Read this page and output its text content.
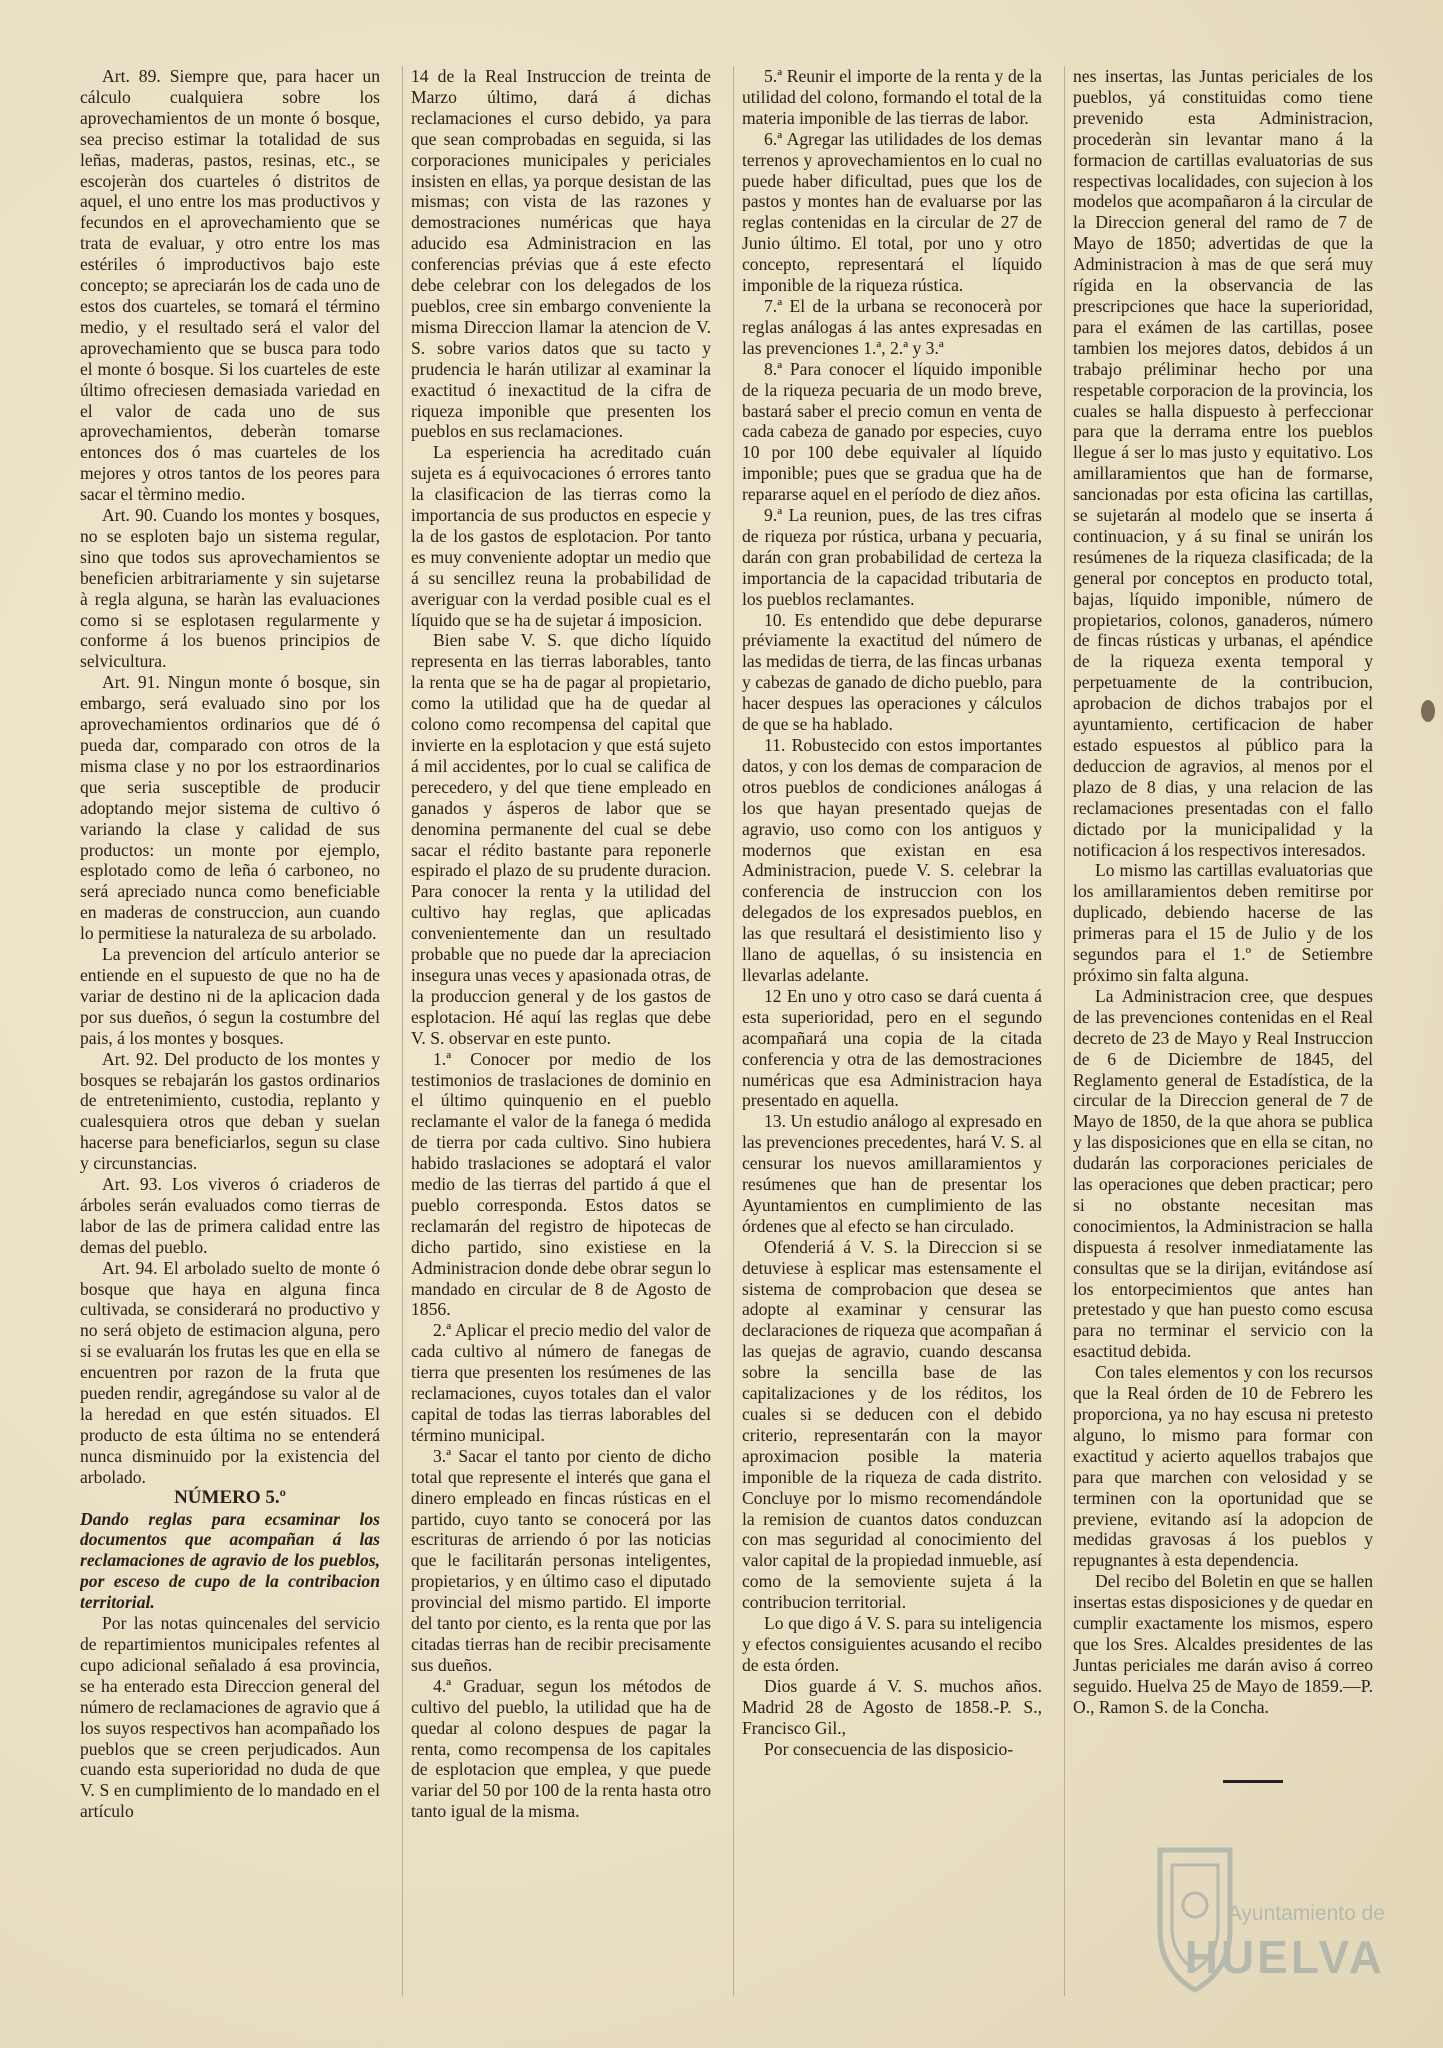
Art. 89. Siempre que, para hacer un cálculo cualquiera sobre los aprovechamientos de un monte ó bosque, sea preciso estimar la totalidad de sus leñas, maderas, pastos, resinas, etc., se escojeràn dos cuarteles ó distritos de aquel, el uno entre los mas productivos y fecundos en el aprovechamiento que se trata de evaluar, y otro entre los mas estériles ó improductivos bajo este concepto; se apreciarán los de cada uno de estos dos cuarteles, se tomará el término medio, y el resultado será el valor del aprovechamiento que se busca para todo el monte ó bosque. Si los cuarteles de este último ofreciesen demasiada variedad en el valor de cada uno de sus aprovechamientos, deberàn tomarse entonces dos ó mas cuarteles de los mejores y otros tantos de los peores para sacar el tèrmino medio.

Art. 90. Cuando los montes y bosques, no se esploten bajo un sistema regular, sino que todos sus aprovechamientos se beneficien arbitrariamente y sin sujetarse à regla alguna, se haràn las evaluaciones como si se esplotasen regularmente y conforme á los buenos principios de selvicultura.

Art. 91. Ningun monte ó bosque, sin embargo, será evaluado sino por los aprovechamientos ordinarios que dé ó pueda dar, comparado con otros de la misma clase y no por los estraordinarios que seria susceptible de producir adoptando mejor sistema de cultivo ó variando la clase y calidad de sus productos: un monte por ejemplo, esplotado como de leña ó carboneo, no será apreciado nunca como beneficiable en maderas de construccion, aun cuando lo permitiese la naturaleza de su arbolado.

La prevencion del artículo anterior se entiende en el supuesto de que no ha de variar de destino ni de la aplicacion dada por sus dueños, ó segun la costumbre del pais, á los montes y bosques.

Art. 92. Del producto de los montes y bosques se rebajarán los gastos ordinarios de entretenimiento, custodia, replanto y cualesquiera otros que deban y suelan hacerse para beneficiarlos, segun su clase y circunstancias.

Art. 93. Los viveros ó criaderos de árboles serán evaluados como tierras de labor de las de primera calidad entre las demas del pueblo.

Art. 94. El arbolado suelto de monte ó bosque que haya en alguna finca cultivada, se considerará no productivo y no será objeto de estimacion alguna, pero si se evaluarán los frutas les que en ella se encuentren por razon de la fruta que pueden rendir, agregándose su valor al de la heredad en que estén situados. El producto de esta última no se entenderá nunca disminuido por la existencia del arbolado.

NÚMERO 5.º

Dando reglas para ecsaminar los documentos que acompañan á las reclamaciones de agravio de los pueblos, por esceso de cupo de la contribacion territorial.

Por las notas quincenales del servicio de repartimientos municipales refentes al cupo adicional señalado á esa provincia, se ha enterado esta Direccion general del número de reclamaciones de agravio que á los suyos respectivos han acompañado los pueblos que se creen perjudicados. Aun cuando esta superioridad no duda de que V. S en cumplimiento de lo mandado en el artículo

14 de la Real Instruccion de treinta de Marzo último, dará á dichas reclamaciones el curso debido, ya para que sean comprobadas en seguida, si las corporaciones municipales y periciales insisten en ellas, ya porque desistan de las mismas; con vista de las razones y demostraciones numéricas que haya aducido esa Administracion en las conferencias prévias que á este efecto debe celebrar con los delegados de los pueblos, cree sin embargo conveniente la misma Direccion llamar la atencion de V. S. sobre varios datos que su tacto y prudencia le harán utilizar al examinar la exactitud ó inexactitud de la cifra de riqueza imponible que presenten los pueblos en sus reclamaciones.

La esperiencia ha acreditado cuán sujeta es á equivocaciones ó errores tanto la clasificacion de las tierras como la importancia de sus productos en especie y la de los gastos de esplotacion. Por tanto es muy conveniente adoptar un medio que á su sencillez reuna la probabilidad de averiguar con la verdad posible cual es el líquido que se ha de sujetar á imposicion.

Bien sabe V. S. que dicho líquido representa en las tierras laborables, tanto la renta que se ha de pagar al propietario, como la utilidad que ha de quedar al colono como recompensa del capital que invierte en la esplotacion y que está sujeto á mil accidentes, por lo cual se califica de perecedero, y del que tiene empleado en ganados y ásperos de labor que se denomina permanente del cual se debe sacar el rédito bastante para reponerle espirado el plazo de su prudente duracion. Para conocer la renta y la utilidad del cultivo hay reglas, que aplicadas convenientemente dan un resultado probable que no puede dar la apreciacion insegura unas veces y apasionada otras, de la produccion general y de los gastos de esplotacion. Hé aquí las reglas que debe V. S. observar en este punto.

1.ª Conocer por medio de los testimonios de traslaciones de dominio en el último quinquenio en el pueblo reclamante el valor de la fanega ó medida de tierra por cada cultivo. Sino hubiera habido traslaciones se adoptará el valor medio de las tierras del partido á que el pueblo corresponda. Estos datos se reclamarán del registro de hipotecas de dicho partido, sino existiese en la Administracion donde debe obrar segun lo mandado en circular de 8 de Agosto de 1856.

2.ª Aplicar el precio medio del valor de cada cultivo al número de fanegas de tierra que presenten los resúmenes de las reclamaciones, cuyos totales dan el valor capital de todas las tierras laborables del término municipal.

3.ª Sacar el tanto por ciento de dicho total que represente el interés que gana el dinero empleado en fincas rústicas en el partido, cuyo tanto se conocerá por las escrituras de arriendo ó por las noticias que le facilitarán personas inteligentes, propietarios, y en último caso el diputado provincial del mismo partido. El importe del tanto por ciento, es la renta que por las citadas tierras han de recibir precisamente sus dueños.

4.ª Graduar, segun los métodos de cultivo del pueblo, la utilidad que ha de quedar al colono despues de pagar la renta, como recompensa de los capitales de esplotacion que emplea, y que puede variar del 50 por 100 de la renta hasta otro tanto igual de la misma.

5.ª Reunir el importe de la renta y de la utilidad del colono, formando el total de la materia imponible de las tierras de labor.

6.ª Agregar las utilidades de los demas terrenos y aprovechamientos en lo cual no puede haber dificultad, pues que los de pastos y montes han de evaluarse por las reglas contenidas en la circular de 27 de Junio último. El total, por uno y otro concepto, representará el líquido imponible de la riqueza rústica.

7.ª El de la urbana se reconocerà por reglas análogas á las antes expresadas en las prevenciones 1.ª, 2.ª y 3.ª

8.ª Para conocer el líquido imponible de la riqueza pecuaria de un modo breve, bastará saber el precio comun en venta de cada cabeza de ganado por especies, cuyo 10 por 100 debe equivaler al líquido imponible; pues que se gradua que ha de repararse aquel en el período de diez años.

9.ª La reunion, pues, de las tres cifras de riqueza por rústica, urbana y pecuaria, darán con gran probabilidad de certeza la importancia de la capacidad tributaria de los pueblos reclamantes.

10. Es entendido que debe depurarse préviamente la exactitud del número de las medidas de tierra, de las fincas urbanas y cabezas de ganado de dicho pueblo, para hacer despues las operaciones y cálculos de que se ha hablado.

11. Robustecido con estos importantes datos, y con los demas de comparacion de otros pueblos de condiciones análogas á los que hayan presentado quejas de agravio, uso como con los antiguos y modernos que existan en esa Administracion, puede V. S. celebrar la conferencia de instruccion con los delegados de los expresados pueblos, en las que resultará el desistimiento liso y llano de aquellas, ó su insistencia en llevarlas adelante.

12 En uno y otro caso se dará cuenta á esta superioridad, pero en el segundo acompañará una copia de la citada conferencia y otra de las demostraciones numéricas que esa Administracion haya presentado en aquella.

13. Un estudio análogo al expresado en las prevenciones precedentes, hará V. S. al censurar los nuevos amillaramientos y resúmenes que han de presentar los Ayuntamientos en cumplimiento de las órdenes que al efecto se han circulado.

Ofenderiá á V. S. la Direccion si se detuviese à esplicar mas estensamente el sistema de comprobacion que desea se adopte al examinar y censurar las declaraciones de riqueza que acompañan á las quejas de agravio, cuando descansa sobre la sencilla base de las capitalizaciones y de los réditos, los cuales si se deducen con el debido criterio, representarán con la mayor aproximacion posible la materia imponible de la riqueza de cada distrito. Concluye por lo mismo recomendándole la remision de cuantos datos conduzcan con mas seguridad al conocimiento del valor capital de la propiedad inmueble, así como de la semoviente sujeta á la contribucion territorial.

Lo que digo á V. S. para su inteligencia y efectos consiguientes acusando el recibo de esta órden.

Dios guarde á V. S. muchos años. Madrid 28 de Agosto de 1858.-P. S., Francisco Gil.,

Por consecuencia de las disposicio-

nes insertas, las Juntas periciales de los pueblos, yá constituidas como tiene prevenido esta Administracion, procederàn sin levantar mano á la formacion de cartillas evaluatorias de sus respectivas localidades, con sujecion à los modelos que acompañaron á la circular de la Direccion general del ramo de 7 de Mayo de 1850; advertidas de que la Administracion à mas de que será muy rígida en la observancia de las prescripciones que hace la superioridad, para el exámen de las cartillas, posee tambien los mejores datos, debidos á un trabajo préliminar hecho por una respetable corporacion de la provincia, los cuales se halla dispuesto à perfeccionar para que la derrama entre los pueblos llegue á ser lo mas justo y equitativo. Los amillaramientos que han de formarse, sancionadas por esta oficina las cartillas, se sujetarán al modelo que se inserta á continuacion, y á su final se unirán los resúmenes de la riqueza clasificada; de la general por conceptos en producto total, bajas, líquido imponible, número de propietarios, colonos, ganaderos, número de fincas rústicas y urbanas, el apéndice de la riqueza exenta temporal y perpetuamente de la contribucion, aprobacion de dichos trabajos por el ayuntamiento, certificacion de haber estado espuestos al público para la deduccion de agravios, al menos por el plazo de 8 dias, y una relacion de las reclamaciones presentadas con el fallo dictado por la municipalidad y la notificacion á los respectivos interesados.

Lo mismo las cartillas evaluatorias que los amillaramientos deben remitirse por duplicado, debiendo hacerse de las primeras para el 15 de Julio y de los segundos para el 1.º de Setiembre próximo sin falta alguna.

La Administracion cree, que despues de las prevenciones contenidas en el Real decreto de 23 de Mayo y Real Instruccion de 6 de Diciembre de 1845, del Reglamento general de Estadística, de la circular de la Direccion general de 7 de Mayo de 1850, de la que ahora se publica y las disposiciones que en ella se citan, no dudarán las corporaciones periciales de las operaciones que deben practicar; pero si no obstante necesitan mas conocimientos, la Administracion se halla dispuesta á resolver inmediatamente las consultas que se la dirijan, evitándose así los entorpecimientos que antes han pretestado y que han puesto como escusa para no terminar el servicio con la esactitud debida.

Con tales elementos y con los recursos que la Real órden de 10 de Febrero les proporciona, ya no hay escusa ni pretesto alguno, lo mismo para formar con exactitud y acierto aquellos trabajos que para que marchen con velosidad y se terminen con la oportunidad que se previene, evitando así la adopcion de medidas gravosas á los pueblos y repugnantes à esta dependencia.

Del recibo del Boletin en que se hallen insertas estas disposiciones y de quedar en cumplir exactamente los mismos, espero que los Sres. Alcaldes presidentes de las Juntas periciales me darán aviso á correo seguido. Huelva 25 de Mayo de 1859.—P. O., Ramon S. de la Concha.

Ayuntamiento de
HUELVA
